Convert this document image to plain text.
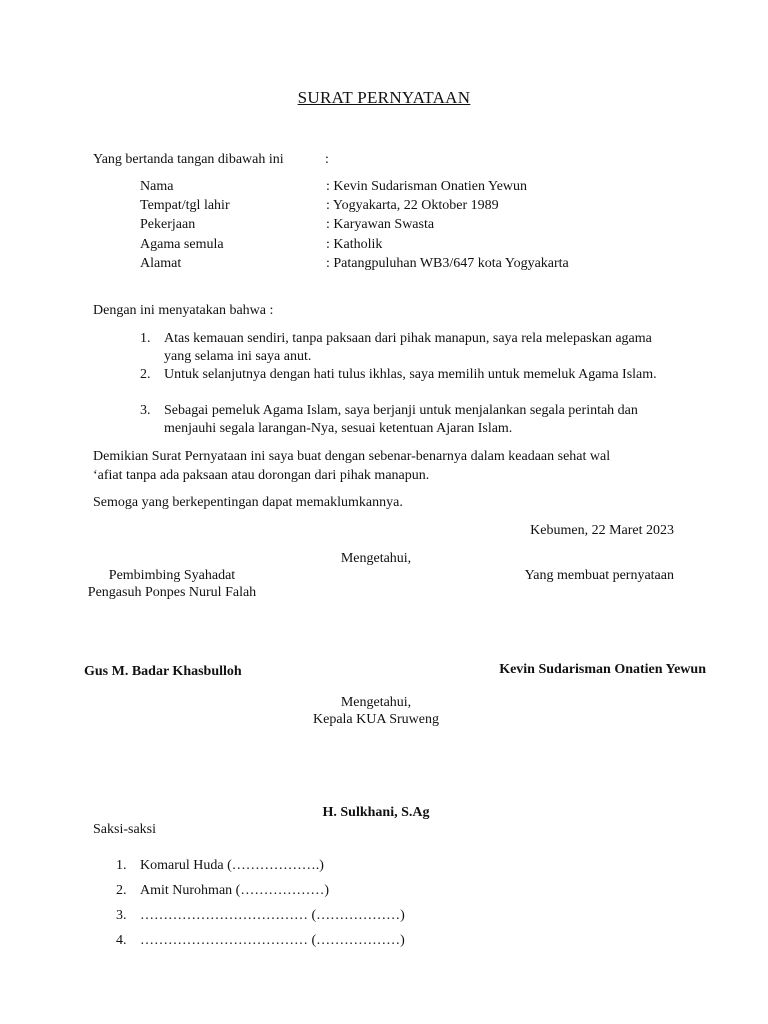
SURAT PERNYATAAN
Yang bertanda tangan dibawah ini	:
Nama	: Kevin Sudarisman Onatien Yewun
Tempat/tgl lahir	: Yogyakarta, 22 Oktober 1989
Pekerjaan	: Karyawan Swasta
Agama semula	: Katholik
Alamat	: Patangpuluhan WB3/647 kota Yogyakarta
Dengan ini menyatakan bahwa :
1. Atas kemauan sendiri, tanpa paksaan dari pihak manapun, saya rela melepaskan agama yang selama ini saya anut.
2. Untuk selanjutnya dengan hati tulus ikhlas, saya memilih untuk memeluk Agama Islam.
3. Sebagai pemeluk Agama Islam, saya berjanji untuk menjalankan segala perintah dan menjauhi segala larangan-Nya, sesuai ketentuan Ajaran Islam.
Demikian Surat Pernyataan ini saya buat dengan sebenar-benarnya dalam keadaan sehat wal
‘afiat tanpa ada paksaan atau dorongan dari pihak manapun.
Semoga yang berkepentingan dapat memaklumkannya.
Kebumen, 22 Maret 2023
Mengetahui,
Pembimbing Syahadat
Pengasuh Ponpes Nurul Falah
Yang membuat pernyataan
Gus M. Badar Khasbulloh	Kevin Sudarisman Onatien Yewun
Mengetahui,
Kepala KUA Sruweng
H. Sulkhani, S.Ag
Saksi-saksi
1. Komarul Huda (……………….)
2. Amit Nurohman (………………)
3. ……………………………… (………………)
4. ……………………………… (………………)
